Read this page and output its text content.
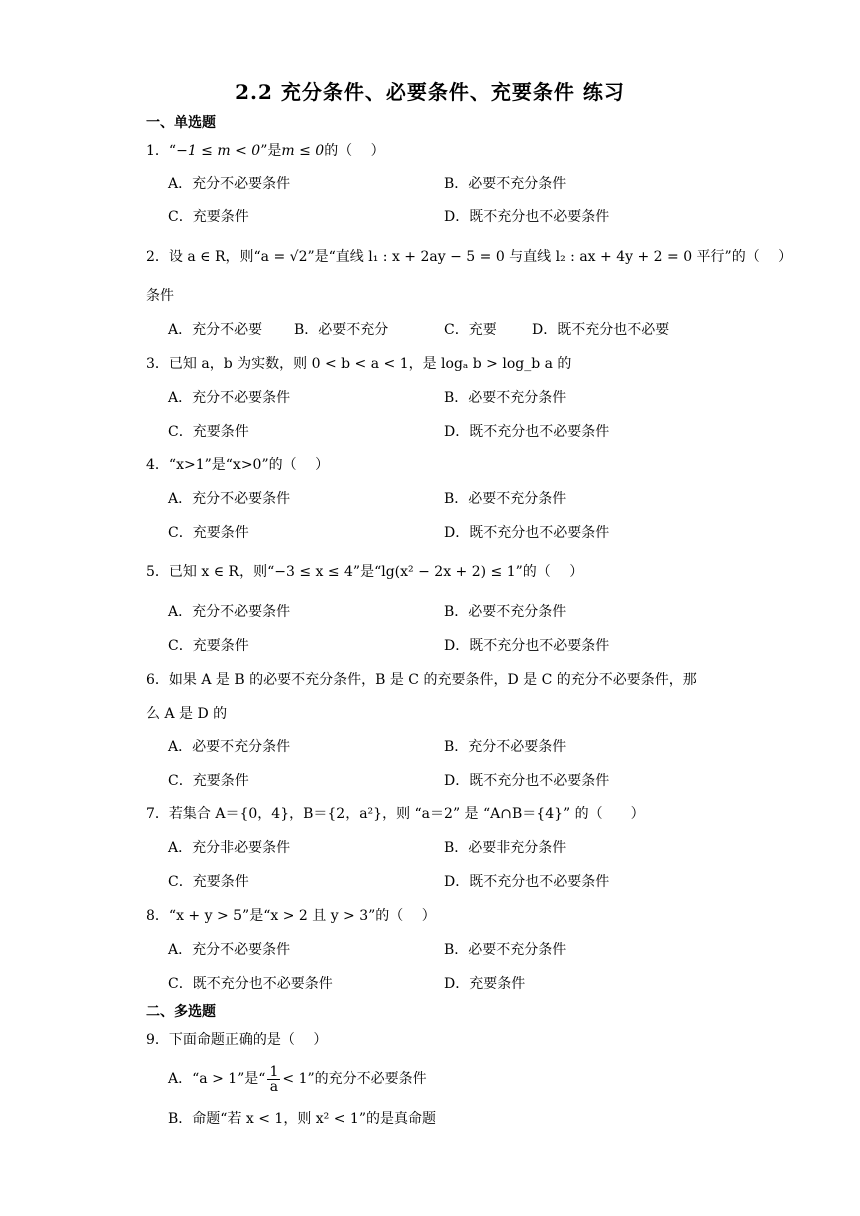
2.2 充分条件、必要条件、充要条件 练习
一、单选题
1．“−1 ≤ m < 0”是m ≤ 0的（　 ）
A．充分不必要条件	B．必要不充分条件
C．充要条件	D．既不充分也不必要条件
2．设 a ∈ R，则“a = √2”是“直线 l₁ : x + 2ay − 5 = 0 与直线 l₂ : ax + 4y + 2 = 0 平行”的（　 ）
条件
A．充分不必要 B．必要不充分	C．充要	D．既不充分也不必要
3．已知 a，b 为实数，则 0 < b < a < 1，是 logₐ b > log_b a 的
A．充分不必要条件	B．必要不充分条件
C．充要条件	D．既不充分也不必要条件
4．“x>1”是“x>0”的（　 ）
A．充分不必要条件	B．必要不充分条件
C．充要条件	D．既不充分也不必要条件
5．已知 x ∈ R，则“−3 ≤ x ≤ 4”是“lg(x² − 2x + 2) ≤ 1”的（　 ）
A．充分不必要条件	B．必要不充分条件
C．充要条件	D．既不充分也不必要条件
6．如果 A 是 B 的必要不充分条件，B 是 C 的充要条件，D 是 C 的充分不必要条件，那
么 A 是 D 的
A．必要不充分条件	B．充分不必要条件
C．充要条件	D．既不充分也不必要条件
7．若集合 A＝{0，4}，B＝{2，a²}，则 “a＝2” 是 “A∩B＝{4}” 的（　　）
A．充分非必要条件	B．必要非充分条件
C．充要条件	D．既不充分也不必要条件
8．“x + y > 5”是“x > 2 且 y > 3”的（　 ）
A．充分不必要条件	B．必要不充分条件
C．既不充分也不必要条件	D．充要条件
二、多选题
9．下面命题正确的是（　 ）
A．“a > 1”是“ $\frac{1}{a} < 1$”的充分不必要条件
B．命题“若 x < 1，则 x² < 1”的是真命题
